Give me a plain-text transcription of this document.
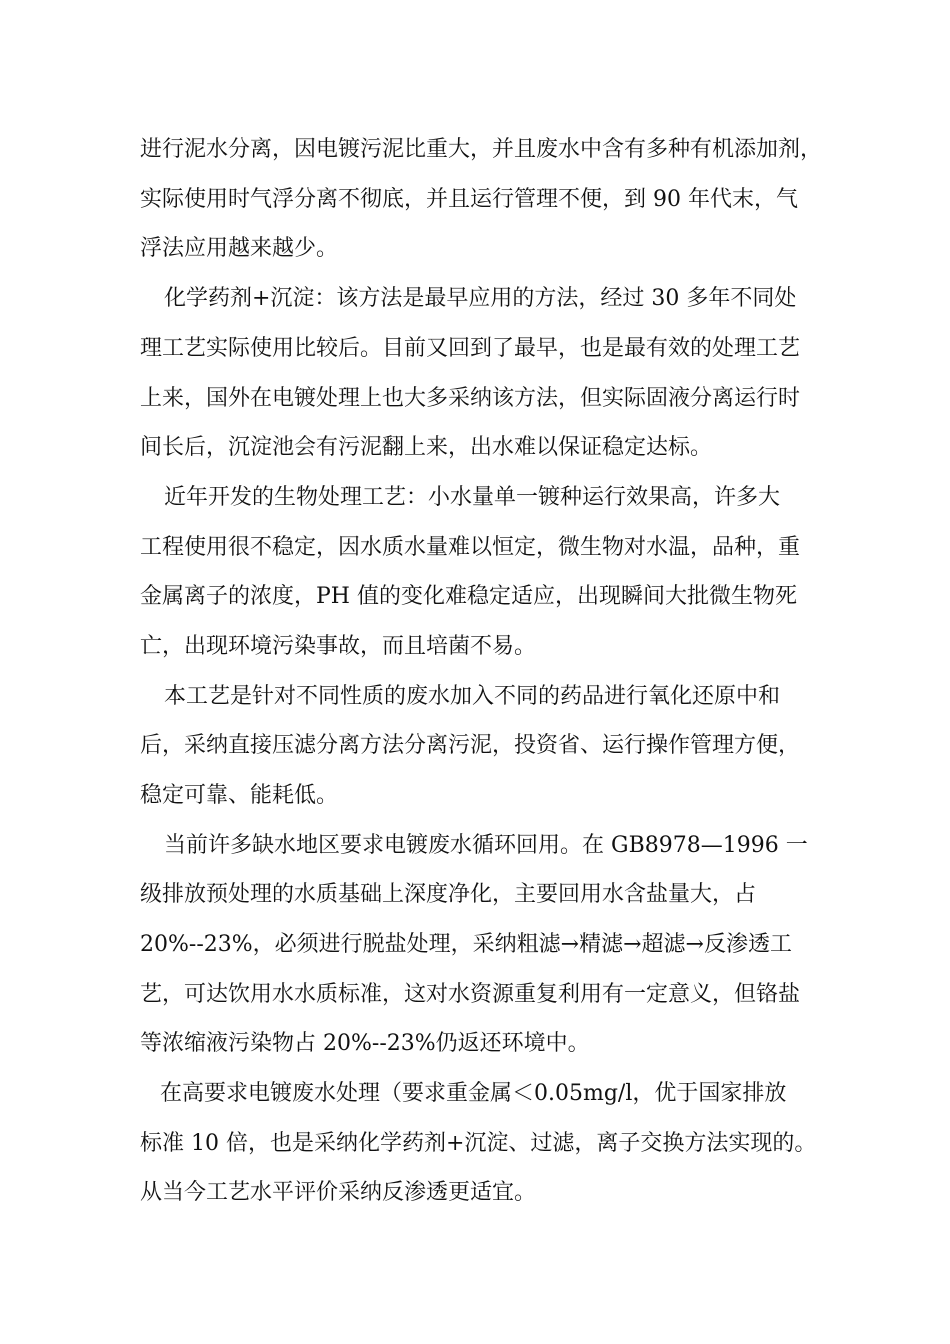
进行泥水分离，因电镀污泥比重大，并且废水中含有多种有机添加剂，

实际使用时气浮分离不彻底，并且运行管理不便，到 90 年代末，气

浮法应用越来越少。

化学药剂+沉淀：该方法是最早应用的方法，经过 30 多年不同处

理工艺实际使用比较后。目前又回到了最早，也是最有效的处理工艺

上来，国外在电镀处理上也大多采纳该方法，但实际固液分离运行时

间长后，沉淀池会有污泥翻上来，出水难以保证稳定达标。

近年开发的生物处理工艺：小水量单一镀种运行效果高，许多大

工程使用很不稳定，因水质水量难以恒定，微生物对水温，品种，重

金属离子的浓度，PH 值的变化难稳定适应，出现瞬间大批微生物死

亡，出现环境污染事故，而且培菌不易。

本工艺是针对不同性质的废水加入不同的药品进行氧化还原中和

后，采纳直接压滤分离方法分离污泥，投资省、运行操作管理方便，

稳定可靠、能耗低。

当前许多缺水地区要求电镀废水循环回用。在 GB8978—1996 一

级排放预处理的水质基础上深度净化，主要回用水含盐量大，占

20%--23%，必须进行脱盐处理，采纳粗滤→精滤→超滤→反渗透工

艺，可达饮用水水质标准，这对水资源重复利用有一定意义，但铬盐

等浓缩液污染物占 20%--23%仍返还环境中。

在高要求电镀废水处理（要求重金属＜0.05mg/l，优于国家排放

标准 10 倍，也是采纳化学药剂+沉淀、过滤，离子交换方法实现的。

从当今工艺水平评价采纳反渗透更适宜。
